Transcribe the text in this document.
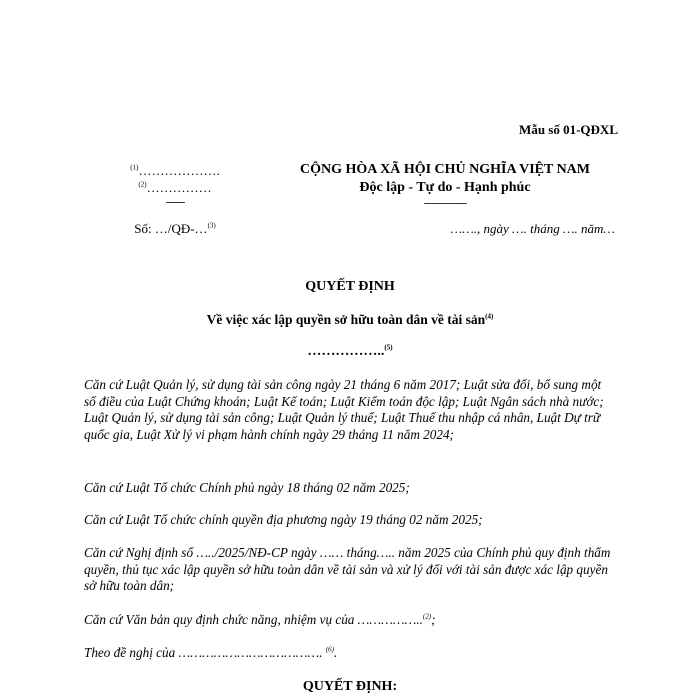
Mẫu số 01-QĐXL
$^{(1)}$……………….
$^{(2)}$……………
-------
CỘNG HÒA XÃ HỘI CHỦ NGHĨA VIỆT NAM
Độc lập - Tự do - Hạnh phúc
----------------
Số: …/QĐ-…$^{(3)}$	……., ngày …. tháng …. năm…
QUYẾT ĐỊNH
Về việc xác lập quyền sở hữu toàn dân về tài sản$^{(4)}$
……………..$^{(5)}$
Căn cứ Luật Quản lý, sử dụng tài sản công ngày 21 tháng 6 năm 2017; Luật sửa đổi, bổ sung một số điều của Luật Chứng khoán; Luật Kế toán; Luật Kiểm toán độc lập; Luật Ngân sách nhà nước; Luật Quản lý, sử dụng tài sản công; Luật Quản lý thuế; Luật Thuế thu nhập cá nhân, Luật Dự trữ quốc gia, Luật Xử lý vi phạm hành chính ngày 29 tháng 11 năm 2024;
Căn cứ Luật Tổ chức Chính phủ ngày 18 tháng 02 năm 2025;
Căn cứ Luật Tổ chức chính quyền địa phương ngày 19 tháng 02 năm 2025;
Căn cứ Nghị định số …../2025/NĐ-CP ngày …… tháng….. năm 2025 của Chính phủ quy định thẩm quyền, thủ tục xác lập quyền sở hữu toàn dân về tài sản và xử lý đối với tài sản được xác lập quyền sở hữu toàn dân;
Căn cứ Văn bản quy định chức năng, nhiệm vụ của ……………..$^{(2)}$;
Theo đề nghị của ………………………………. $^{(6)}$.
QUYẾT ĐỊNH:
